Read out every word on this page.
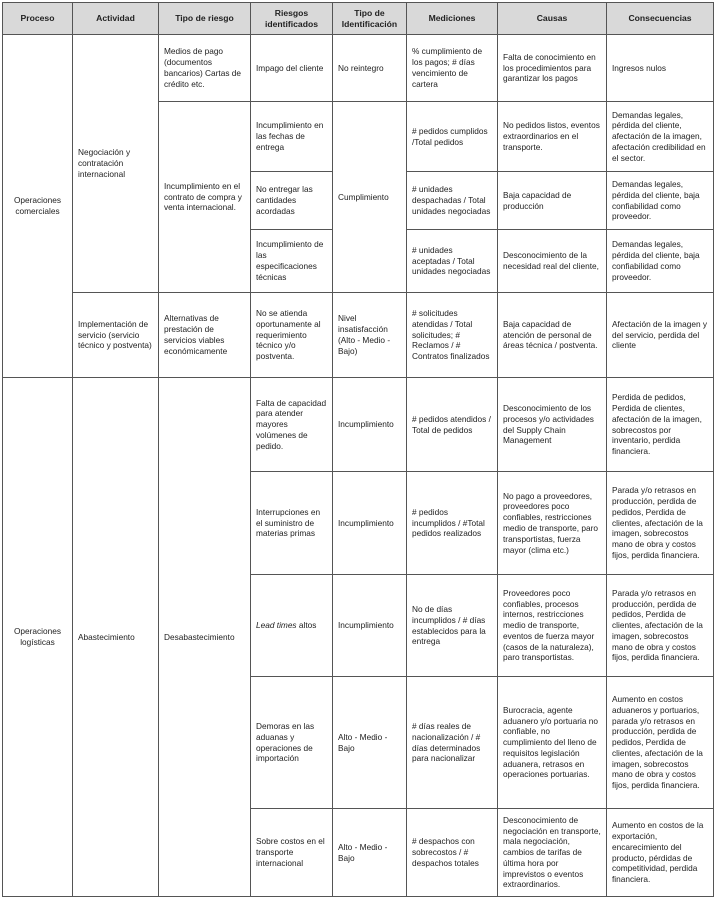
Proceso	Actividad	Tipo de riesgo	Riesgos identificados	Tipo de Identificación	Mediciones	Causas	Consecuencias
Operaciones comerciales	Negociación y contratación internacional	Medios de pago (documentos bancarios) Cartas de crédito etc.	Impago del cliente	No reintegro	% cumplimiento de los pagos; # días vencimiento de cartera	Falta de conocimiento en los procedimientos para garantizar los pagos	Ingresos nulos
		Incumplimiento en el contrato de compra y venta internacional.	Incumplimiento en las fechas de entrega	Cumplimiento	# pedidos cumplidos /Total pedidos	No pedidos listos, eventos extraordinarios en el transporte.	Demandas legales, pérdida del cliente, afectación de la imagen, afectación credibilidad en el sector.
			No entregar las cantidades acordadas		# unidades despachadas / Total unidades negociadas	Baja capacidad de producción	Demandas legales, pérdida del cliente, baja confiabilidad como proveedor.
			Incumplimiento de las especificaciones técnicas		# unidades aceptadas / Total unidades negociadas	Desconocimiento de la necesidad real del cliente,	Demandas legales, pérdida del cliente, baja confiabilidad como proveedor.
	Implementación de servicio (servicio técnico y postventa)	Alternativas de prestación de servicios viables económicamente	No se atienda oportunamente al requerimiento técnico y/o postventa.	Nivel insatisfacción (Alto - Medio - Bajo)	# solicitudes atendidas / Total solicitudes; # Reclamos / # Contratos finalizados	Baja capacidad de atención de personal de áreas técnica / postventa.	Afectación de la imagen y del servicio, perdida del cliente
Operaciones logísticas	Abastecimiento	Desabastecimiento	Falta de capacidad para atender mayores volúmenes de pedido.	Incumplimiento	# pedidos atendidos / Total de pedidos	Desconocimiento de los procesos y/o actividades del Supply Chain Management	Perdida de pedidos, Perdida de clientes, afectación de la imagen, sobrecostos por inventario, perdida financiera.
			Interrupciones en el suministro de materias primas	Incumplimiento	# pedidos incumplidos / #Total pedidos realizados	No pago a proveedores, proveedores poco confiables, restricciones medio de transporte, paro transportistas, fuerza mayor (clima etc.)	Parada y/o retrasos en producción, perdida de pedidos, Perdida de clientes, afectación de la imagen, sobrecostos mano de obra y costos fijos, perdida financiera.
			Lead times altos	Incumplimiento	No de días incumplidos / # días establecidos para la entrega	Proveedores poco confiables, procesos internos, restricciones medio de transporte, eventos de fuerza mayor (casos de la naturaleza), paro transportistas.	Parada y/o retrasos en producción, perdida de pedidos, Perdida de clientes, afectación de la imagen, sobrecostos mano de obra y costos fijos, perdida financiera.
			Demoras en las aduanas y operaciones de importación	Alto - Medio - Bajo	# días reales de nacionalización / # días determinados para nacionalizar	Burocracia, agente aduanero y/o portuaria no confiable, no cumplimiento del lleno de requisitos legislación aduanera, retrasos en operaciones portuarias.	Aumento en costos aduaneros y portuarios, parada y/o retrasos en producción, perdida de pedidos, Perdida de clientes, afectación de la imagen, sobrecostos mano de obra y costos fijos, perdida financiera.
			Sobre costos en el transporte internacional	Alto - Medio - Bajo	# despachos con sobrecostos / # despachos totales	Desconocimiento de negociación en transporte, mala negociación, cambios de tarifas de última hora por imprevistos o eventos extraordinarios.	Aumento en costos de la exportación, encarecimiento del producto, pérdidas de competitividad, perdida financiera.
